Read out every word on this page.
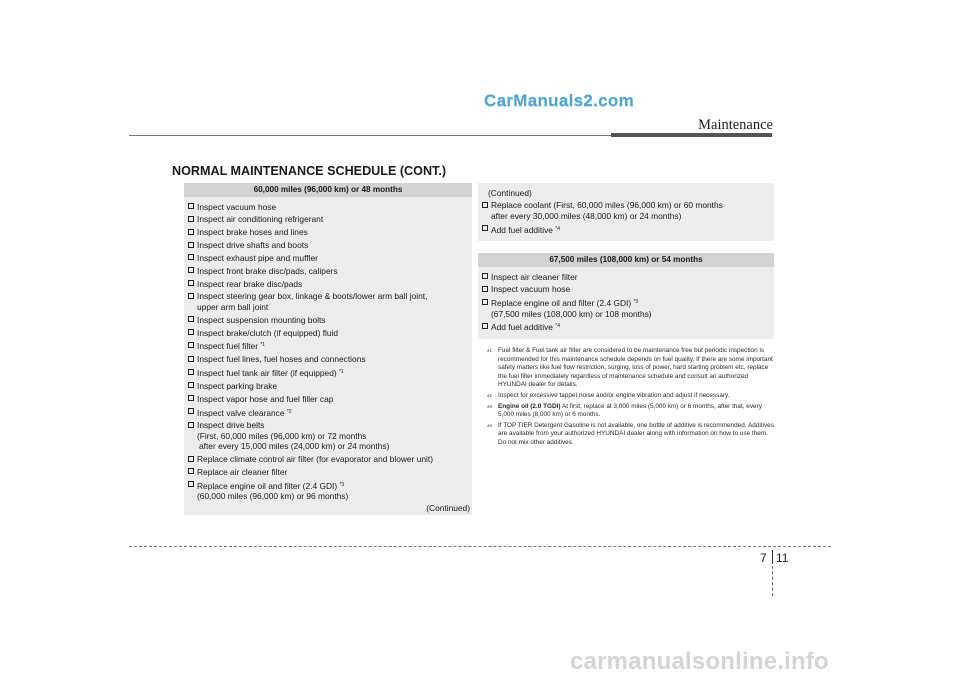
CarManuals2.com
Maintenance
NORMAL MAINTENANCE SCHEDULE (CONT.)
60,000 miles (96,000 km) or 48 months
Inspect vacuum hose
Inspect air conditioning refrigerant
Inspect brake hoses and lines
Inspect drive shafts and boots
Inspect exhaust pipe and muffler
Inspect front brake disc/pads, calipers
Inspect rear brake disc/pads
Inspect steering gear box, linkage & boots/lower arm ball joint,
upper arm ball joint
Inspect suspension mounting bolts
Inspect brake/clutch (if equipped) fluid
Inspect fuel filter $^{*1}$
Inspect fuel lines, fuel hoses and connections
Inspect fuel tank air filter (if equipped) $^{*1}$
Inspect parking brake
Inspect vapor hose and fuel filler cap
Inspect valve clearance $^{*2}$
Inspect drive belts
(First, 60,000 miles (96,000 km) or 72 months
after every 15,000 miles (24,000 km) or 24 months)
Replace climate control air filter (for evaporator and blower unit)
Replace air cleaner filter
Replace engine oil and filter (2.4 GDI) $^{*3}$
(60,000 miles (96,000 km) or 96 months)
(Continued)
(Continued)
Replace coolant (First, 60,000 miles (96,000 km) or 60 months
after every 30,000 miles (48,000 km) or 24 months)
Add fuel additive $^{*4}$
67,500 miles (108,000 km) or 54 months
Inspect air cleaner filter
Inspect vacuum hose
Replace engine oil and filter (2.4 GDI) $^{*3}$
(67,500 miles (108,000 km) or 108 months)
Add fuel additive $^{*4}$
*$^1$ Fuel filter & Fuel tank air filter are considered to be maintenance free but periodic inspection is recommended for this maintenance schedule depends on fuel quality. If there are some important safety matters like fuel flow restriction, surging, loss of power, hard starting problem etc, replace the fuel filter immediately regardless of maintenance schedule and consult an authorized HYUNDAI dealer for details.
*$^2$ Inspect for excessive tappet noise and/or engine vibration and adjust if necessary.
*$^3$ Engine oil (2.0 TGDI) At first, replace at 3,000 miles (5,000 km) or 6 months, after that, every 5,000 miles (8,000 km) or 6 months.
*$^4$ If TOP TIER Detergent Gasoline is not available, one bottle of additive is recommended. Additives are available from your authorized HYUNDAI dealer along with information on how to use them. Do not mix other additives.
7 11
carmanualsonline.info
